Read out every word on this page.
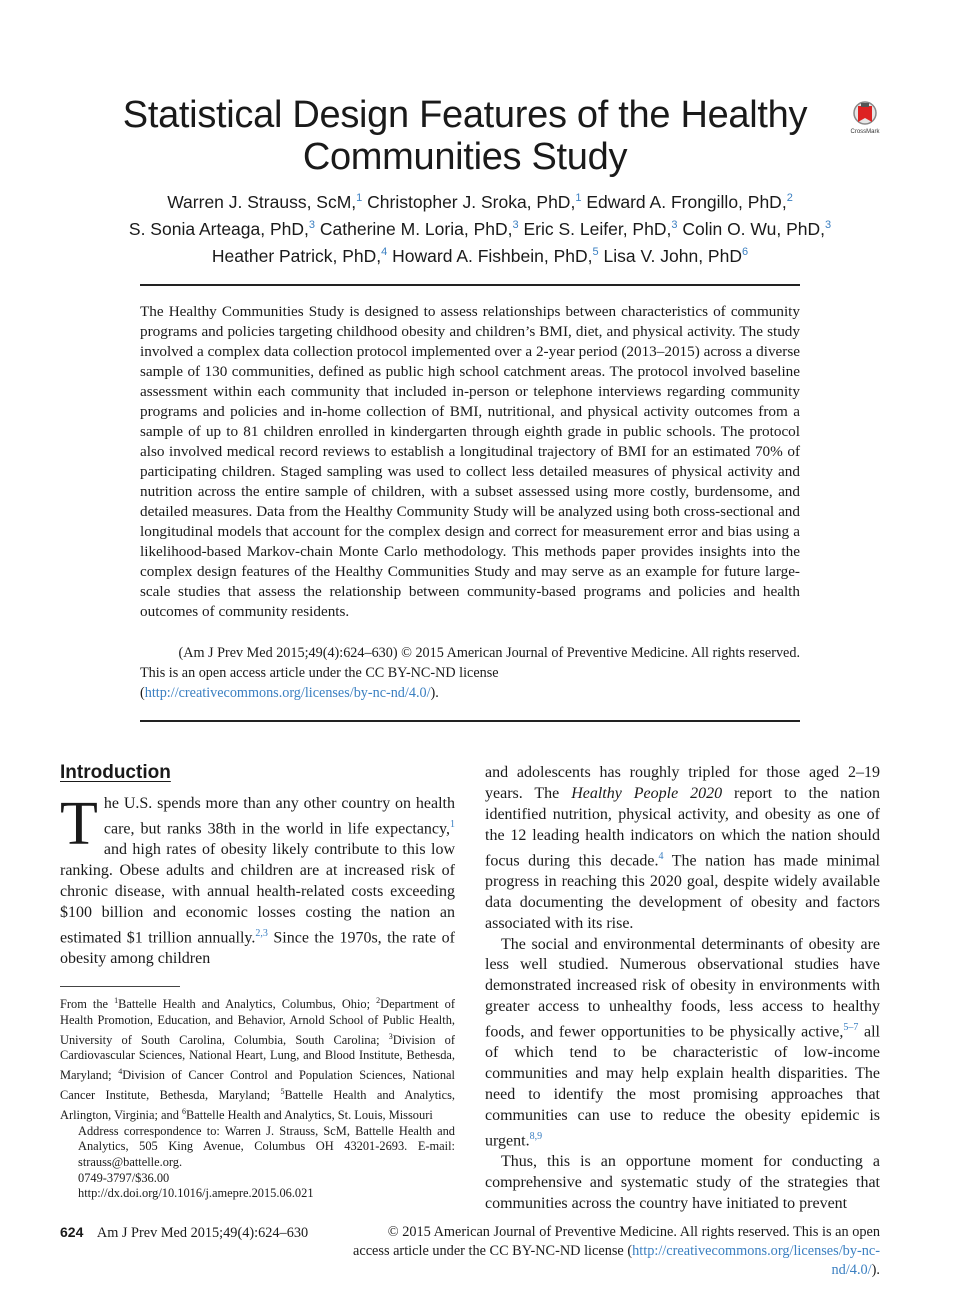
Statistical Design Features of the Healthy Communities Study
CrossMark
Warren J. Strauss, ScM,$^1$ Christopher J. Sroka, PhD,$^1$ Edward A. Frongillo, PhD,$^2$
S. Sonia Arteaga, PhD,$^3$ Catherine M. Loria, PhD,$^3$ Eric S. Leifer, PhD,$^3$ Colin O. Wu, PhD,$^3$
Heather Patrick, PhD,$^4$ Howard A. Fishbein, PhD,$^5$ Lisa V. John, PhD$^6$

The Healthy Communities Study is designed to assess relationships between characteristics of community programs and policies targeting childhood obesity and children’s BMI, diet, and physical activity. The study involved a complex data collection protocol implemented over a 2-year period (2013–2015) across a diverse sample of 130 communities, defined as public high school catchment areas. The protocol involved baseline assessment within each community that included in-person or telephone interviews regarding community programs and policies and in-home collection of BMI, nutritional, and physical activity outcomes from a sample of up to 81 children enrolled in kindergarten through eighth grade in public schools. The protocol also involved medical record reviews to establish a longitudinal trajectory of BMI for an estimated 70% of participating children. Staged sampling was used to collect less detailed measures of physical activity and nutrition across the entire sample of children, with a subset assessed using more costly, burdensome, and detailed measures. Data from the Healthy Community Study will be analyzed using both cross-sectional and longitudinal models that account for the complex design and correct for measurement error and bias using a likelihood-based Markov-chain Monte Carlo methodology. This methods paper provides insights into the complex design features of the Healthy Communities Study and may serve as an example for future large-scale studies that assess the relationship between community-based programs and policies and health outcomes of community residents.

(Am J Prev Med 2015;49(4):624–630) © 2015 American Journal of Preventive Medicine. All rights reserved.
This is an open access article under the CC BY-NC-ND license
(http://creativecommons.org/licenses/by-nc-nd/4.0/).
Introduction

The U.S. spends more than any other country on health care, but ranks 38th in the world in life expectancy,$^1$ and high rates of obesity likely contribute to this low ranking. Obese adults and children are at increased risk of chronic disease, with annual health-related costs exceeding $100 billion and economic losses costing the nation an estimated $1 trillion annually.$^{2,3}$ Since the 1970s, the rate of obesity among children

From the $^1$Battelle Health and Analytics, Columbus, Ohio; $^2$Department of Health Promotion, Education, and Behavior, Arnold School of Public Health, University of South Carolina, Columbia, South Carolina; $^3$Division of Cardiovascular Sciences, National Heart, Lung, and Blood Institute, Bethesda, Maryland; $^4$Division of Cancer Control and Population Sciences, National Cancer Institute, Bethesda, Maryland; $^5$Battelle Health and Analytics, Arlington, Virginia; and $^6$Battelle Health and Analytics, St. Louis, Missouri

Address correspondence to: Warren J. Strauss, ScM, Battelle Health and Analytics, 505 King Avenue, Columbus OH 43201-2693. E-mail: strauss@battelle.org.

0749-3797/$36.00

http://dx.doi.org/10.1016/j.amepre.2015.06.021

and adolescents has roughly tripled for those aged 2–19 years. The Healthy People 2020 report to the nation identified nutrition, physical activity, and obesity as one of the 12 leading health indicators on which the nation should focus during this decade.$^4$ The nation has made minimal progress in reaching this 2020 goal, despite widely available data documenting the development of obesity and factors associated with its rise.

The social and environmental determinants of obesity are less well studied. Numerous observational studies have demonstrated increased risk of obesity in environments with greater access to unhealthy foods, less access to healthy foods, and fewer opportunities to be physically active,$^{5-7}$ all of which tend to be characteristic of low-income communities and may help explain health disparities. The need to identify the most promising approaches that communities can use to reduce the obesity epidemic is urgent.$^{8,9}$

Thus, this is an opportune moment for conducting a comprehensive and systematic study of the strategies that communities across the country have initiated to prevent

624 Am J Prev Med 2015;49(4):624–630	© 2015 American Journal of Preventive Medicine. All rights reserved. This is an open
access article under the CC BY-NC-ND license (http://creativecommons.org/licenses/by-nc-nd/4.0/).
